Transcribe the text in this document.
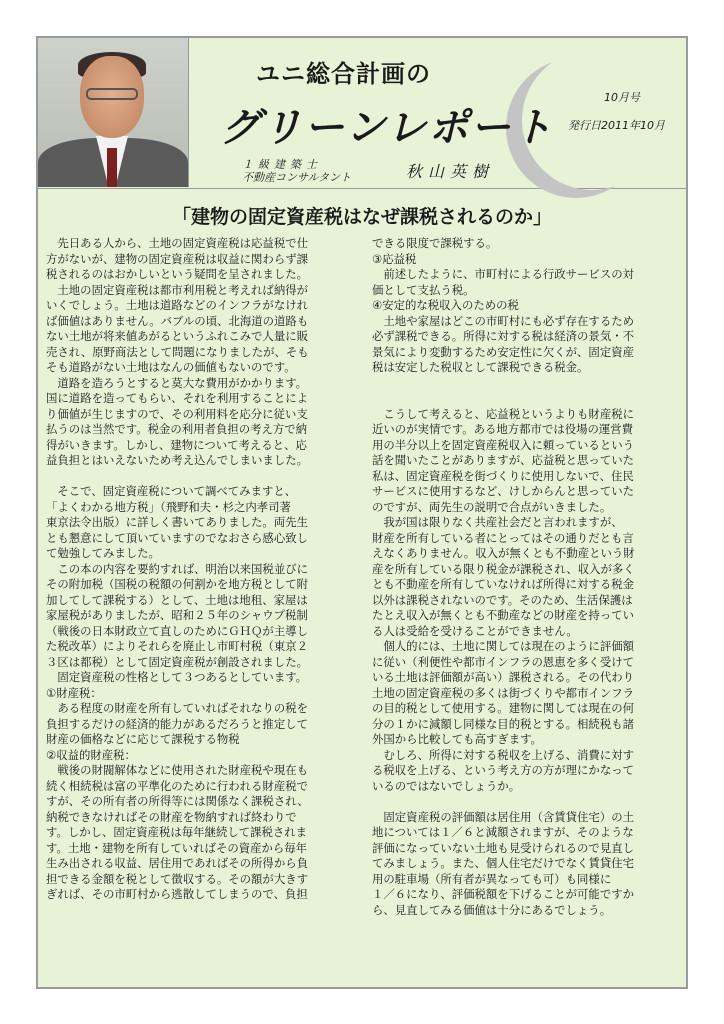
ユニ総合計画の
グリーンレポート
１級建築士
不動産コンサルタント	秋山英樹
10月号
発行日2011年10月
「建物の固定資産税はなぜ課税されるのか」

　先日ある人から、土地の固定資産税は応益税で仕

方がないが、建物の固定資産税は収益に関わらず課

税されるのはおかしいという疑問を呈されました。

　土地の固定資産税は都市利用税と考えれば納得が

いくでしょう。土地は道路などのインフラがなけれ

ば価値はありません。バブルの頃、北海道の道路も

ない土地が将来値あがるというふれこみで人量に販

売され、原野商法として問題になりましたが、そも

そも道路がない土地はなんの価値もないのです。

　道路を造ろうとすると莫大な費用がかかります。

国に道路を造ってもらい、それを利用することによ

り価値が生じますので、その利用料を応分に従い支

払うのは当然です。税金の利用者負担の考え方で納

得がいきます。しかし、建物について考えると、応

益負担とはいえないため考え込んでしまいました。

　そこで、固定資産税について調べてみますと、

「よくわかる地方税」（飛野和夫・杉之内孝司著

東京法令出版）に詳しく書いてありました。両先生

とも懇意にして頂いていますのでなおさら感心致し

て勉強してみました。

　この本の内容を要約すれば、明治以来国税並びに

その附加税（国税の税額の何割かを地方税として附

加してして課税する）として、土地は地租、家屋は

家屋税がありましたが、昭和２５年のシャウプ税制

（戦後の日本財政立て直しのためにＧＨＱが主導し

た税改革）によりそれらを廃止し市町村税（東京２

３区は都税）として固定資産税が創設されました。

　固定資産税の性格として３つあるとしています。

①財産税：

　ある程度の財産を所有していればそれなりの税を

負担するだけの経済的能力があるだろうと推定して

財産の価格などに応じて課税する物税

②収益的財産税：

　戦後の財閥解体などに使用された財産税や現在も

続く相続税は富の平準化のために行われる財産税で

すが、その所有者の所得等には関係なく課税され、

納税できなければその財産を物納すれば終わりで

す。しかし、固定資産税は毎年継続して課税されま

す。土地・建物を所有していればその資産から毎年

生み出される収益、居住用であればその所得から負

担できる金額を税として徴収する。その額が大きす

ぎれば、その市町村から逃散してしまうので、負担

できる限度で課税する。

③応益税

　前述したように、市町村による行政サービスの対

価として支払う税。

④安定的な税収入のための税

　土地や家屋はどこの市町村にも必ず存在するため

必ず課税できる。所得に対する税は経済の景気・不

景気により変動するため安定性に欠くが、固定資産

税は安定した税収として課税できる税金。

　こうして考えると、応益税というよりも財産税に

近いのが実情です。ある地方都市では役場の運営費

用の半分以上を固定資産税収入に頼っているという

話を聞いたことがありますが、応益税と思っていた

私は、固定資産税を街づくりに使用しないで、住民

サービスに使用するなど、けしからんと思っていた

のですが、両先生の説明で合点がいきました。

　我が国は限りなく共産社会だと言われますが、

財産を所有している者にとってはその通りだとも言

えなくありません。収入が無くとも不動産という財

産を所有している限り税金が課税され、収入が多く

とも不動産を所有していなければ所得に対する税金

以外は課税されないのです。そのため、生活保護は

たとえ収入が無くとも不動産などの財産を持ってい

る人は受給を受けることができません。

　個人的には、土地に関しては現在のように評価額

に従い（利便性や都市インフラの恩恵を多く受けて

いる土地は評価額が高い）課税される。その代わり

土地の固定資産税の多くは街づくりや都市インフラ

の目的税として使用する。建物に関しては現在の何

分の１かに減額し同様な目的税とする。相続税も諸

外国から比較しても高すぎます。

　むしろ、所得に対する税収を上げる、消費に対す

る税収を上げる、という考え方の方が理にかなって

いるのではないでしょうか。

　固定資産税の評価額は居住用（含賃貸住宅）の土

地については１／６と減額されますが、そのような

評価になっていない土地も見受けられるので見直し

てみましょう。また、個人住宅だけでなく賃貸住宅

用の駐車場（所有者が異なっても可）も同様に

１／６になり、評価税額を下げることが可能ですか

ら、見直してみる価値は十分にあるでしょう。
